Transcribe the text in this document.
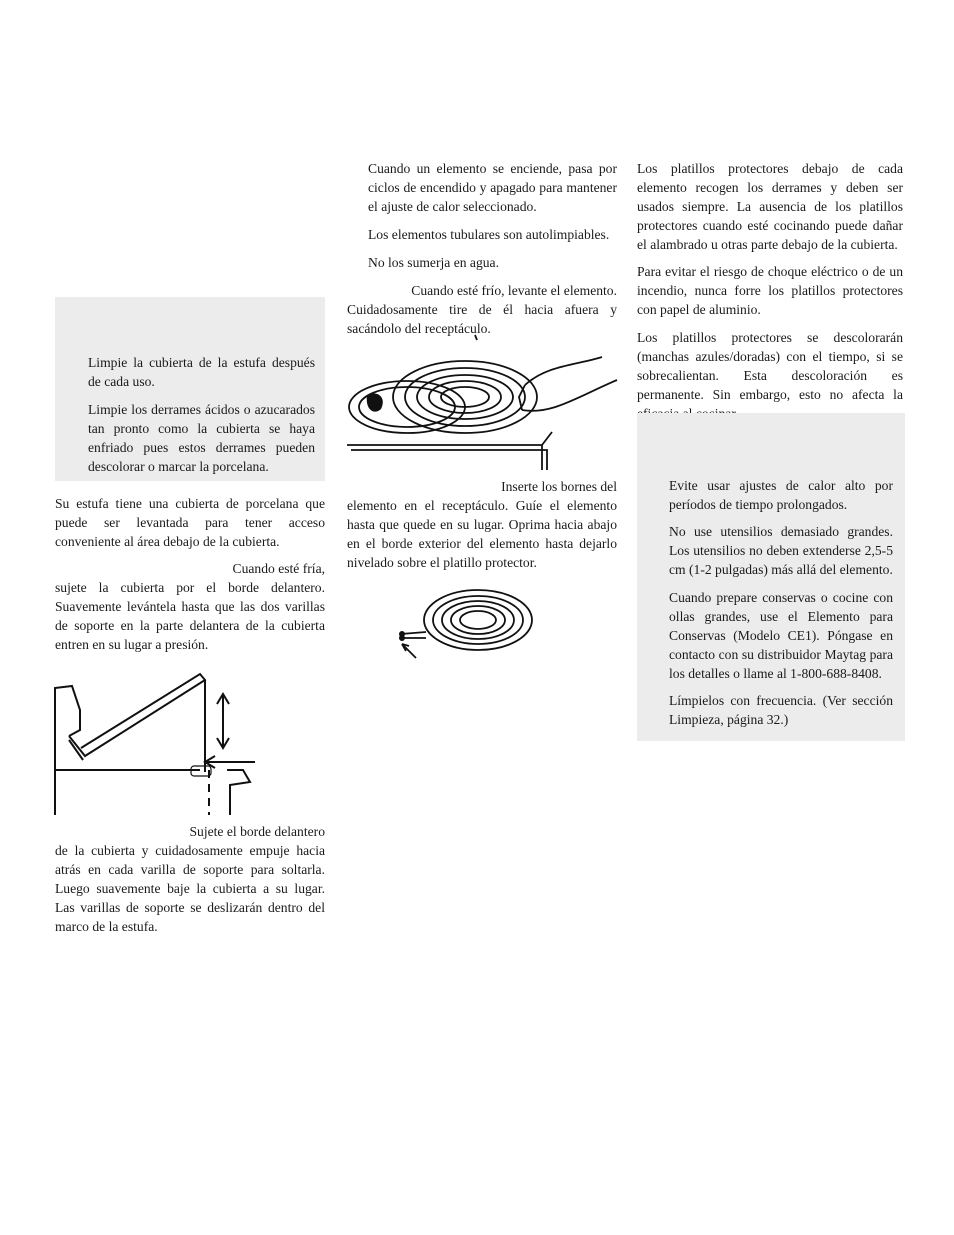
Limpie la cubierta de la estufa después de cada uso.

Limpie los derrames ácidos o azucarados tan pronto como la cubierta se haya enfriado pues estos derrames pueden descolorar o marcar la porcelana.

Su estufa tiene una cubierta de porcelana que puede ser levantada para tener acceso conveniente al área debajo de la cubierta.

Cuando esté fría,

sujete la cubierta por el borde delantero. Suavemente levántela hasta que las dos varillas de soporte en la parte delantera de la cubierta entren en su lugar a presión.

Sujete el borde delantero

de la cubierta y cuidadosamente empuje hacia atrás en cada varilla de soporte para soltarla. Luego suavemente baje la cubierta a su lugar. Las varillas de soporte se deslizarán dentro del marco de la estufa.

Cuando un elemento se enciende, pasa por ciclos de encendido y apagado para mantener el ajuste de calor seleccionado.

Los elementos tubulares son autolimpiables.

No los sumerja en agua.

Cuando esté frío, levante el elemento.

Cuidadosamente tire de él hacia afuera y sacándolo del receptáculo.

Inserte los bornes del

elemento en el receptáculo. Guíe el elemento hasta que quede en su lugar. Oprima hacia abajo en el borde exterior del elemento hasta dejarlo nivelado sobre el platillo protector.

Los platillos protectores debajo de cada elemento recogen los derrames y deben ser usados siempre. La ausencia de los platillos protectores cuando esté cocinando puede dañar el alambrado u otras parte debajo de la cubierta.

Para evitar el riesgo de choque eléctrico o de un incendio, nunca forre los platillos protectores con papel de aluminio.

Los platillos protectores se descolorarán (manchas azules/doradas) con el tiempo, si se sobrecalientan. Esta descoloración es permanente. Sin embargo, esto no afecta la

Evite usar ajustes de calor alto por períodos de tiempo prolongados.

No use utensilios demasiado grandes. Los utensilios no deben extenderse 2,5-5 cm (1-2 pulgadas) más allá del elemento.

Cuando prepare conservas o cocine con ollas grandes, use el Elemento para Conservas (Modelo CE1). Póngase en contacto con su distribuidor Maytag para los detalles o llame al 1-800-688-8408.

Límpielos con frecuencia. (Ver sección Limpieza, página 32.)
